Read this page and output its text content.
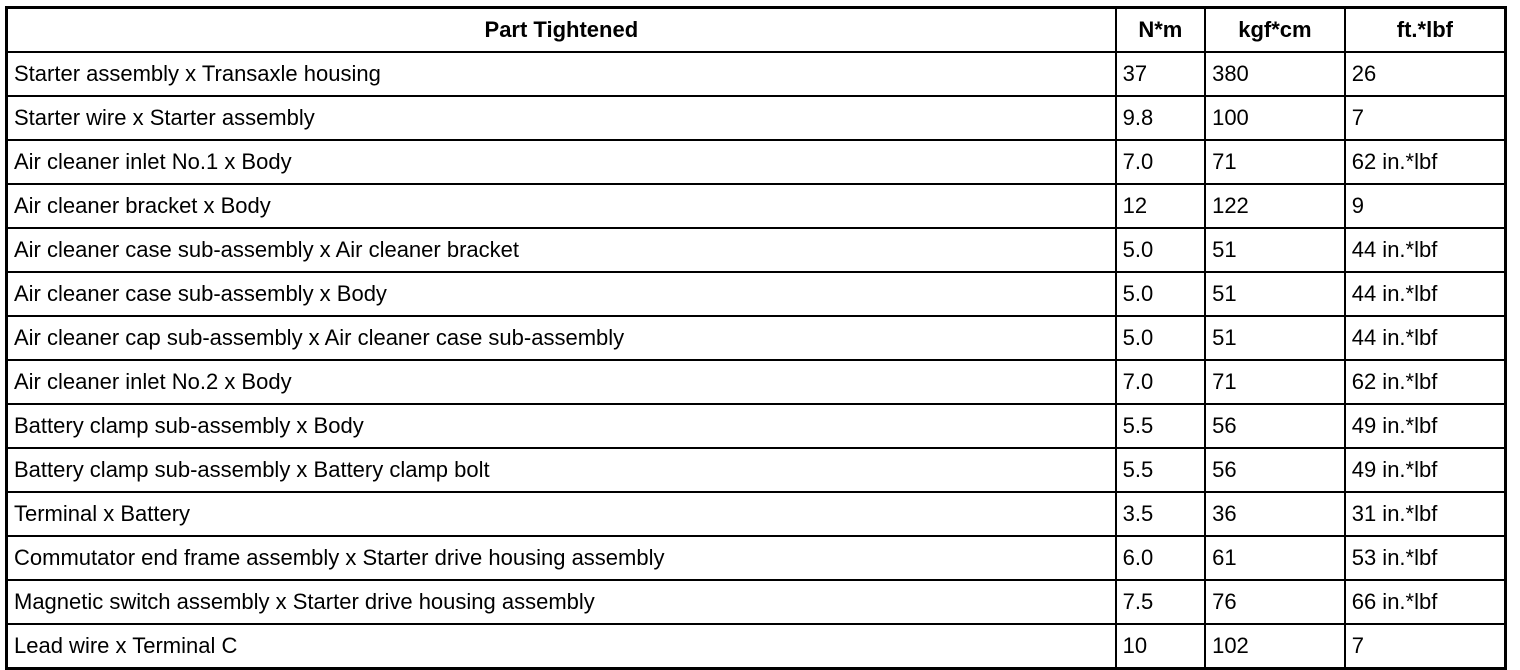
Part Tightened	N*m	kgf*cm	ft.*lbf
Starter assembly x Transaxle housing	37	380	26
Starter wire x Starter assembly	9.8	100	7
Air cleaner inlet No.1 x Body	7.0	71	62 in.*lbf
Air cleaner bracket x Body	12	122	9
Air cleaner case sub-assembly x Air cleaner bracket	5.0	51	44 in.*lbf
Air cleaner case sub-assembly x Body	5.0	51	44 in.*lbf
Air cleaner cap sub-assembly x Air cleaner case sub-assembly	5.0	51	44 in.*lbf
Air cleaner inlet No.2 x Body	7.0	71	62 in.*lbf
Battery clamp sub-assembly x Body	5.5	56	49 in.*lbf
Battery clamp sub-assembly x Battery clamp bolt	5.5	56	49 in.*lbf
Terminal x Battery	3.5	36	31 in.*lbf
Commutator end frame assembly x Starter drive housing assembly	6.0	61	53 in.*lbf
Magnetic switch assembly x Starter drive housing assembly	7.5	76	66 in.*lbf
Lead wire x Terminal C	10	102	7
